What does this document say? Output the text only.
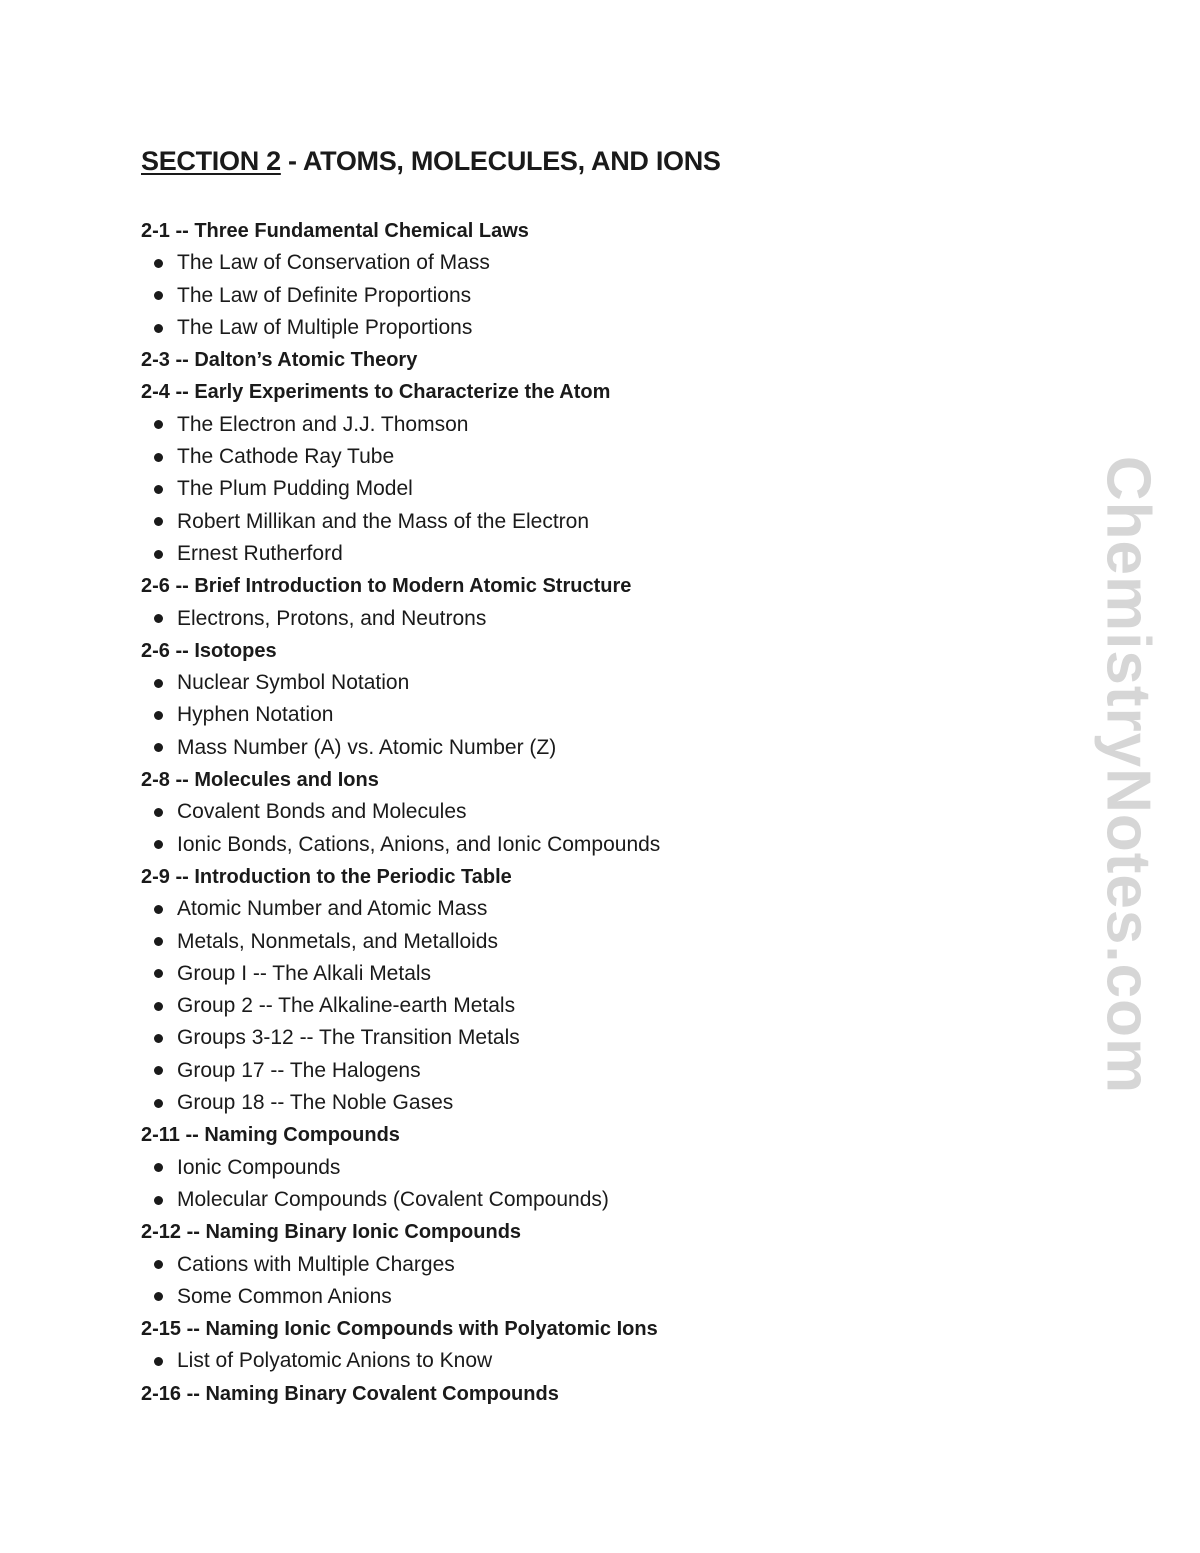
SECTION 2 - ATOMS, MOLECULES, AND IONS
2-1 -- Three Fundamental Chemical Laws
The Law of Conservation of Mass
The Law of Definite Proportions
The Law of Multiple Proportions
2-3 -- Dalton’s Atomic Theory
2-4 -- Early Experiments to Characterize the Atom
The Electron and J.J. Thomson
The Cathode Ray Tube
The Plum Pudding Model
Robert Millikan and the Mass of the Electron
Ernest Rutherford
2-6 -- Brief Introduction to Modern Atomic Structure
Electrons, Protons, and Neutrons
2-6 -- Isotopes
Nuclear Symbol Notation
Hyphen Notation
Mass Number (A) vs. Atomic Number (Z)
2-8 -- Molecules and Ions
Covalent Bonds and Molecules
Ionic Bonds, Cations, Anions, and Ionic Compounds
2-9 -- Introduction to the Periodic Table
Atomic Number and Atomic Mass
Metals, Nonmetals, and Metalloids
Group I -- The Alkali Metals
Group 2 -- The Alkaline-earth Metals
Groups 3-12 -- The Transition Metals
Group 17 -- The Halogens
Group 18 -- The Noble Gases
2-11 -- Naming Compounds
Ionic Compounds
Molecular Compounds (Covalent Compounds)
2-12 -- Naming Binary Ionic Compounds
Cations with Multiple Charges
Some Common Anions
2-15 -- Naming Ionic Compounds with Polyatomic Ions
List of Polyatomic Anions to Know
2-16 -- Naming Binary Covalent Compounds
ChemistryNotes.com
